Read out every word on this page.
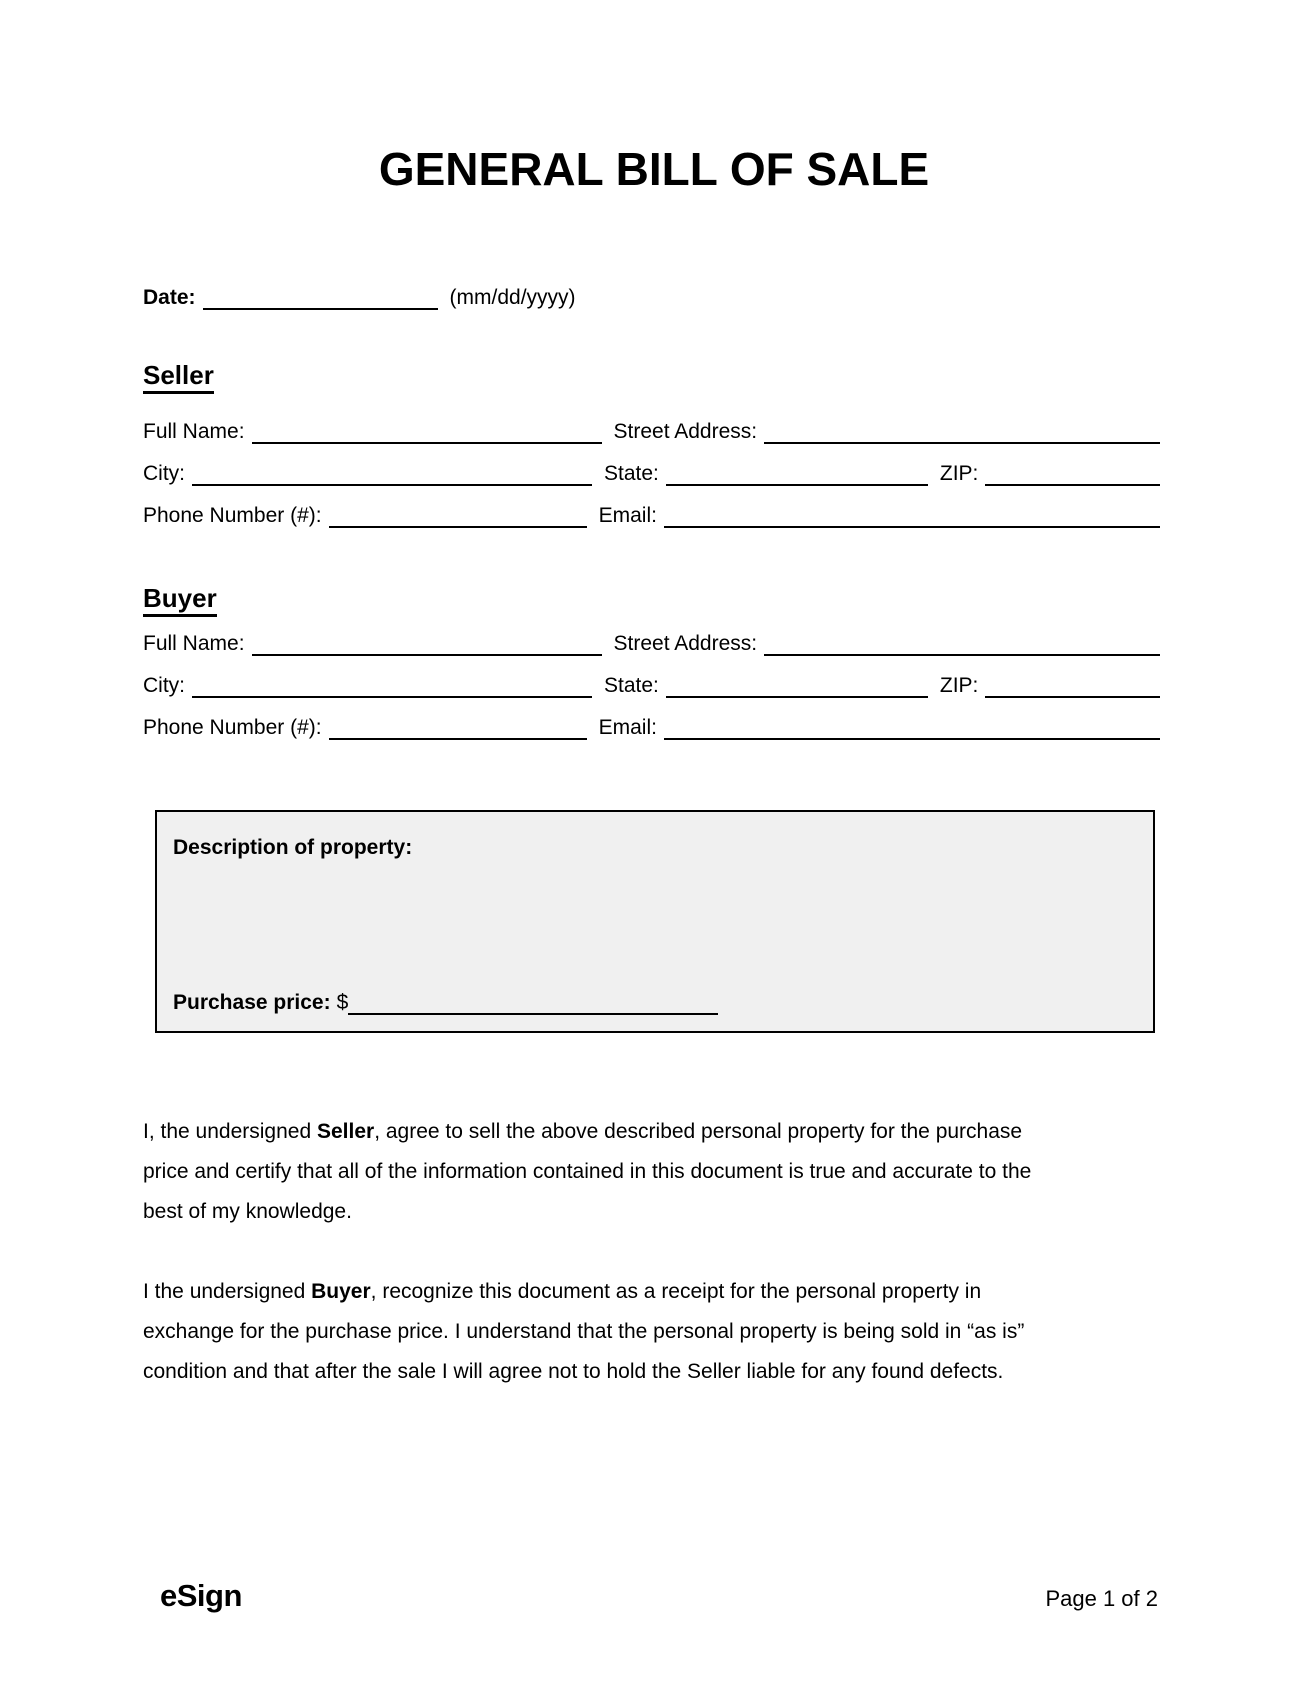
GENERAL BILL OF SALE
Date:	(mm/dd/yyyy)
Seller
Full Name:	Street Address:
City:	State:	ZIP:
Phone Number (#):	Email:
Buyer
Full Name:	Street Address:
City:	State:	ZIP:
Phone Number (#):	Email:
Description of property:
Purchase price: $
I, the undersigned Seller, agree to sell the above described personal property for the purchase
price and certify that all of the information contained in this document is true and accurate to the
best of my knowledge.
I the undersigned Buyer, recognize this document as a receipt for the personal property in
exchange for the purchase price. I understand that the personal property is being sold in “as is”
condition and that after the sale I will agree not to hold the Seller liable for any found defects.
eSign	Page 1 of 2
